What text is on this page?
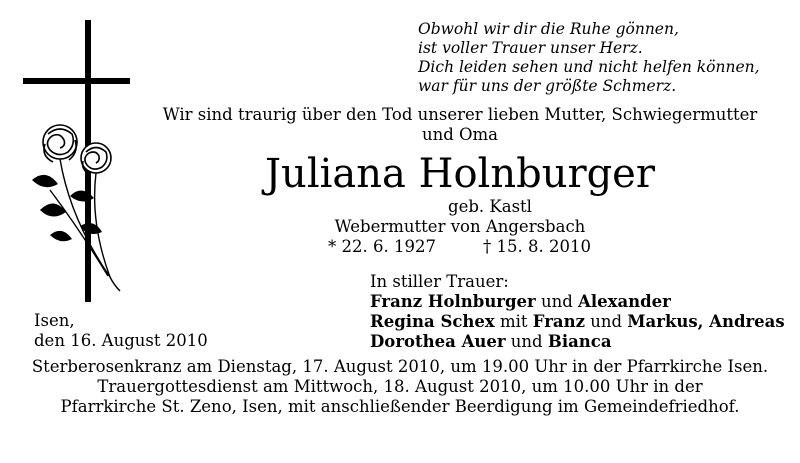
Obwohl wir dir die Ruhe gönnen,
ist voller Trauer unser Herz.
Dich leiden sehen und nicht helfen können,
war für uns der größte Schmerz.
Wir sind traurig über den Tod unserer lieben Mutter, Schwiegermutter
und Oma
Juliana Holnburger
geb. Kastl
Webermutter von Angersbach
* 22. 6. 1927	† 15. 8. 2010
In stiller Trauer:
Franz Holnburger und Alexander
Regina Schex mit Franz und Markus, Andreas
Dorothea Auer und Bianca
Isen,
den 16. August 2010
Sterberosenkranz am Dienstag, 17. August 2010, um 19.00 Uhr in der Pfarrkirche Isen.
Trauergottesdienst am Mittwoch, 18. August 2010, um 10.00 Uhr in der
Pfarrkirche St. Zeno, Isen, mit anschließender Beerdigung im Gemeindefriedhof.
